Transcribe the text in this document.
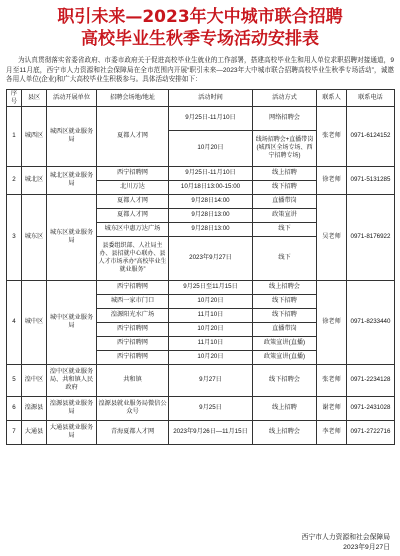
职引未来—2023年大中城市联合招聘
高校毕业生秋季专场活动安排表

为认真贯彻落实省委省政府、市委市政府关于促进高校毕业生就业的工作部署，搭建高校毕业生和用人单位求职招聘对接通道，9月至11月底，西宁市人力资源和社会保障局在全市范围内开展“职引未来—2023年大中城市联合招聘高校毕业生秋季专场活动”，诚邀各用人单位(企业)和广大高校毕业生积极参与。具体活动安排如下：

序号	县区	活动开展单位	招聘会场地/地址	活动时间	活动方式	联系人	联系电话
1	城西区	城西区就业服务局	夏都人才网	9月25日-11月10日	网络招聘会	张老师	0971-6124152
				10月20日	线场招聘会+直播带岗(城西区全场专场、西宁招聘专场)		
2	城北区	城北区就业服务局	西宁招聘网	9月25日-11月10日	线上招聘	徐老师	0971-5131285
			北川万达	10月18日13:00-15:00	线下招聘		
3	城东区	城东区就业服务局	夏都人才网	9月28日14:00	直播带岗	吴老师	0971-8176922
			夏都人才网	9月28日13:00	政策宣讲		
			城东区中惠万达广场	9月28日13:00	线下		
			县委组织部、人社局主办、县招就中心联办、县人才市场承办“高校毕业生就业服务”	2023年9月27日	线下		
4	城中区	城中区就业服务局	西宁招聘网	9月25日至11月15日	线上招聘会	徐老师	0971-8233440
			城西一家市门口	10月20日	线下招聘		
			湟源阳光水广场	11月10日	线下招聘		
			西宁招聘网	10月20日	直播带岗		
			西宁招聘网	11月10日	政策宣讲(直播)		
			西宁招聘网	10月20日	政策宣讲(直播)		
5	湟中区	湟中区就业服务局、共和镇人民政府	共和镇	9月27日	线下招聘会	张老师	0971-2234128
6	湟源县	湟源县就业服务局	湟源县就业服务局微信公众号	9月25日	线上招聘	谢老师	0971-2431028
7	大通县	大通县就业服务局	青海夏都人才网	2023年9月26日—11月15日	线上招聘会	李老师	0971-2722716
西宁市人力资源和社会保障局
2023年9月27日
